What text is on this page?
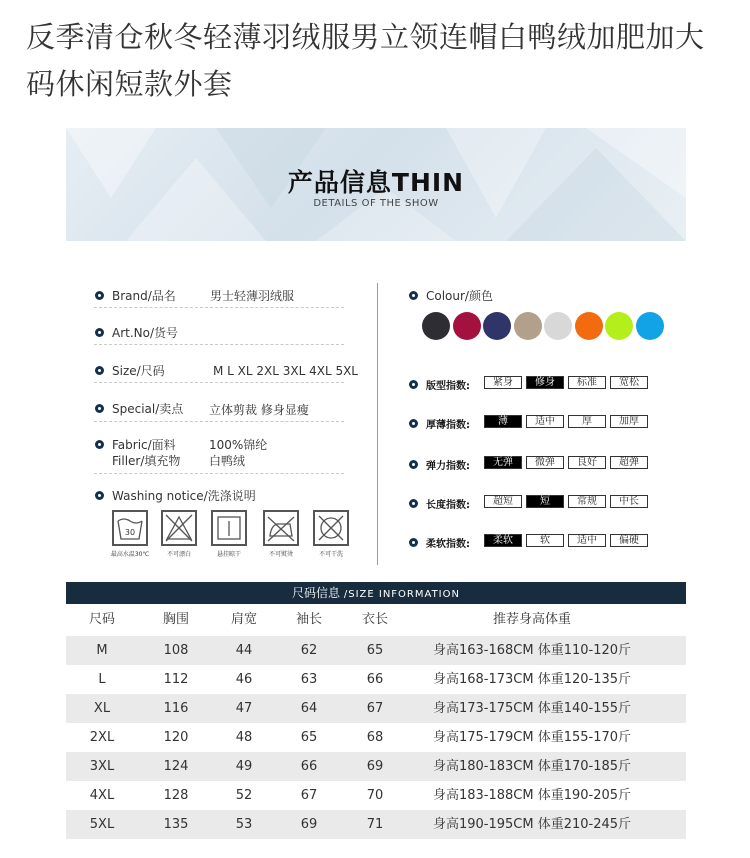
反季清仓秋冬轻薄羽绒服男立领连帽白鸭绒加肥加大码休闲短款外套
产品信息THIN
DETAILS OF THE SHOW
Brand/品名	男士轻薄羽绒服
Art.No/货号
Size/尺码	M L XL 2XL 3XL 4XL 5XL
Special/卖点 立体剪裁 修身显瘦
Fabric/面料	100%锦纶
Filler/填充物 白鸭绒
Washing notice/洗涤说明
30
最高水温30℃	不可漂白	悬挂晾干	不可熨烫	不可干洗
Colour/颜色
版型指数:	紧身	修身	标准	宽松
厚薄指数:	薄	适中	厚	加厚
弹力指数:	无弹	微弹	良好	超弹
长度指数:	超短	短	常规	中长
柔软指数:	柔软	软	适中	偏硬
尺码信息 /SIZE INFORMATION
尺码	胸围	肩宽	袖长	衣长	推荐身高体重
M	108	44	62	65	身高163-168CM 体重110-120斤
L	112	46	63	66	身高168-173CM 体重120-135斤
XL	116	47	64	67	身高173-175CM 体重140-155斤
2XL	120	48	65	68	身高175-179CM 体重155-170斤
3XL	124	49	66	69	身高180-183CM 体重170-185斤
4XL	128	52	67	70	身高183-188CM 体重190-205斤
5XL	135	53	69	71	身高190-195CM 体重210-245斤
